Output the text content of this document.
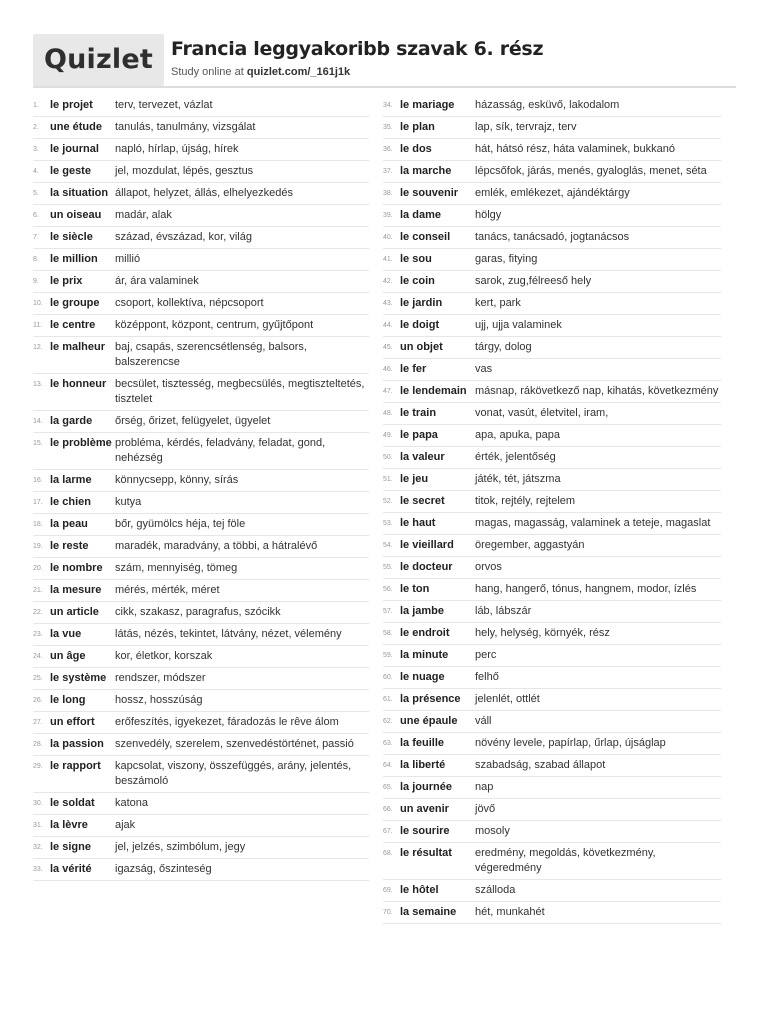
Quizlet Francia leggyakoribb szavak 6. rész
Study online at quizlet.com/_161j1k
1.	le projet	terv, tervezet, vázlat
2.	une étude	tanulás, tanulmány, vizsgálat
3.	le journal	napló, hírlap, újság, hírek
4.	le geste	jel, mozdulat, lépés, gesztus
5.	la situation állapot, helyzet, állás, elhelyezkedés
6.	un oiseau	madár, alak
7.	le siècle	század, évszázad, kor, világ
8.	le million	millió
9.	le prix	ár, ára valaminek
10. le groupe	csoport, kollektíva, népcsoport
11. le centre	középpont, központ, centrum, gyűjtőpont
12. le malheur baj, csapás, szerencsétlenség, balsors, balszerencse
13. le honneur becsület, tisztesség, megbecsülés, megtiszteltetés, tisztelet
14. la garde	őrség, őrizet, felügyelet, ügyelet
15. le problème probléma, kérdés, feladvány, feladat, gond, nehézség
16. la larme	könnycsepp, könny, sírás
17. le chien	kutya
18. la peau	bőr, gyümölcs héja, tej föle
19. le reste	maradék, maradvány, a többi, a hátralévő
20. le nombre	szám, mennyiség, tömeg
21. la mesure	mérés, mérték, méret
22. un article	cikk, szakasz, paragrafus, szócikk
23. la vue	látás, nézés, tekintet, látvány, nézet, vélemény
24. un âge	kor, életkor, korszak
25. le système rendszer, módszer
26. le long	hossz, hosszúság
27. un effort	erőfeszítés, igyekezet, fáradozás le rêve álom
28. la passion	szenvedély, szerelem, szenvedéstörténet, passió
29. le rapport	kapcsolat, viszony, összefüggés, arány, jelentés, beszámoló
30. le soldat	katona
31. la lèvre	ajak
32. le signe	jel, jelzés, szimbólum, jegy
33. la vérité	igazság, őszinteség
34. le mariage	házasság, esküvő, lakodalom
35. le plan	lap, sík, tervrajz, terv
36. le dos	hát, hátsó rész, háta valaminek, bukkanó
37. la marche	lépcsőfok, járás, menés, gyaloglás, menet, séta
38. le souvenir	emlék, emlékezet, ajándéktárgy
39. la dame	hölgy
40. le conseil	tanács, tanácsadó, jogtanácsos
41. le sou	garas, fitying
42. le coin	sarok, zug,félreeső hely
43. le jardin	kert, park
44. le doigt	ujj, ujja valaminek
45. un objet	tárgy, dolog
46. le fer	vas
47. le lendemain másnap, rákövetkező nap, kihatás, következmény
48. le train	vonat, vasút, életvitel, iram,
49. le papa	apa, apuka, papa
50. la valeur	érték, jelentőség
51. le jeu	játék, tét, játszma
52. le secret	titok, rejtély, rejtelem
53. le haut	magas, magasság, valaminek a teteje, magaslat
54. le vieillard	öregember, aggastyán
55. le docteur	orvos
56. le ton	hang, hangerő, tónus, hangnem, modor, ízlés
57. la jambe	láb, lábszár
58. le endroit	hely, helység, környék, rész
59. la minute	perc
60. le nuage	felhő
61. la présence	jelenlét, ottlét
62. une épaule	váll
63. la feuille	növény levele, papírlap, űrlap, újságlap
64. la liberté	szabadság, szabad állapot
65. la journée	nap
66. un avenir	jövő
67. le sourire	mosoly
68. le résultat	eredmény, megoldás, következmény, végeredmény
69. le hôtel	szálloda
70. la semaine	hét, munkahét
